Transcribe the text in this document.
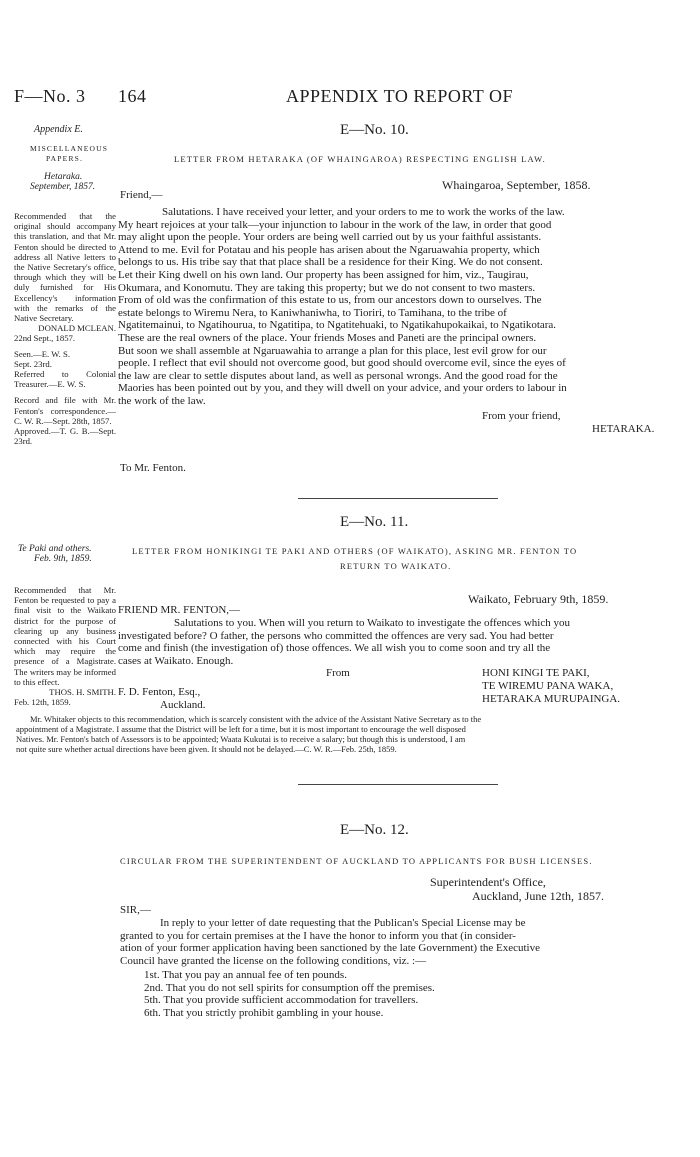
F—No. 3 164	APPENDIX TO REPORT OF
Appendix E.
MISCELLANEOUS
PAPERS.
E—No. 10.
LETTER FROM HETARAKA (OF WHAINGAROA) RESPECTING ENGLISH LAW.
Whaingaroa, September, 1858.
Hetaraka.
September, 1857.

Recommended that the original should accompany this translation, and that Mr. Fenton should be directed to address all Native letters to the Native Secretary's office, through which they will be duly furnished for His Excellency's information with the remarks of the Native Secretary.

DONALD MCLEAN.

22nd Sept., 1857.

Seen.—E. W. S.

Sept. 23rd.

Referred to Colonial Treasurer.—E. W. S.

Record and file with Mr. Fenton's correspondence.—C. W. R.—Sept. 28th, 1857.

Approved.—T. G. B.—Sept. 23rd.

Friend,—
Salutations. I have received your letter, and your orders to me to work the works of the law.
My heart rejoices at your talk—your injunction to labour in the work of the law, in order that good
may alight upon the people. Your orders are being well carried out by us your faithful assistants.
Attend to me. Evil for Potatau and his people has arisen about the Ngaruawahia property, which
belongs to us. His tribe say that that place shall be a residence for their King. We do not consent.
Let their King dwell on his own land. Our property has been assigned for him, viz., Taugirau,
Okumara, and Konomutu. They are taking this property; but we do not consent to two masters.
From of old was the confirmation of this estate to us, from our ancestors down to ourselves. The
estate belongs to Wiremu Nera, to Kaniwhaniwha, to Tioriri, to Tamihana, to the tribe of
Ngatitemainui, to Ngatihourua, to Ngatitipa, to Ngatitehuaki, to Ngatikahupokaikai, to Ngatikotara.
These are the real owners of the place. Your friends Moses and Paneti are the principal owners.
But soon we shall assemble at Ngaruawahia to arrange a plan for this place, lest evil grow for our
people. I reflect that evil should not overcome good, but good should overcome evil, since the eyes of
the law are clear to settle disputes about land, as well as personal wrongs. And the good road for the
Maories has been pointed out by you, and they will dwell on your advice, and your orders to labour in
the work of the law.
From your friend,
HETARAKA.
To Mr. Fenton.
E—No. 11.
Te Paki and others.
Feb. 9th, 1859.
LETTER FROM HONIKINGI TE PAKI AND OTHERS (OF WAIKATO), ASKING MR. FENTON TO
RETURN TO WAIKATO.

Recommended that Mr. Fenton be requested to pay a final visit to the Waikato district for the purpose of clearing up any business connected with his Court which may require the presence of a Magistrate. The writers may be informed to this effect.

THOS. H. SMITH.

Feb. 12th, 1859.

Waikato, February 9th, 1859.
FRIEND MR. FENTON,—
Salutations to you. When will you return to Waikato to investigate the offences which you
investigated before? O father, the persons who committed the offences are very sad. You had better
come and finish (the investigation of) those offences. We all wish you to come soon and try all the
cases at Waikato. Enough.
From	HONI KINGI TE PAKI,
TE WIREMU PANA WAKA,
HETARAKA MURUPAINGA.
F. D. Fenton, Esq.,
Auckland.
Mr. Whitaker objects to this recommendation, which is scarcely consistent with the advice of the Assistant Native Secretary as to the
appointment of a Magistrate. I assume that the District will be left for a time, but it is most important to encourage the well disposed
Natives. Mr. Fenton's batch of Assessors is to be appointed; Waata Kukutai is to receive a salary; but though this is understood, I am
not quite sure whether actual directions have been given. It should not be delayed.—C. W. R.—Feb. 25th, 1859.
E—No. 12.
CIRCULAR FROM THE SUPERINTENDENT OF AUCKLAND TO APPLICANTS FOR BUSH LICENSES.
Superintendent's Office,
Auckland, June 12th, 1857.
SIR,—
In reply to your letter of date requesting that the Publican's Special License may be
granted to you for certain premises at the I have the honor to inform you that (in consider-
ation of your former application having been sanctioned by the late Government) the Executive
Council have granted the license on the following conditions, viz. :—
1st. That you pay an annual fee of ten pounds.
2nd. That you do not sell spirits for consumption off the premises.
5th. That you provide sufficient accommodation for travellers.
6th. That you strictly prohibit gambling in your house.
